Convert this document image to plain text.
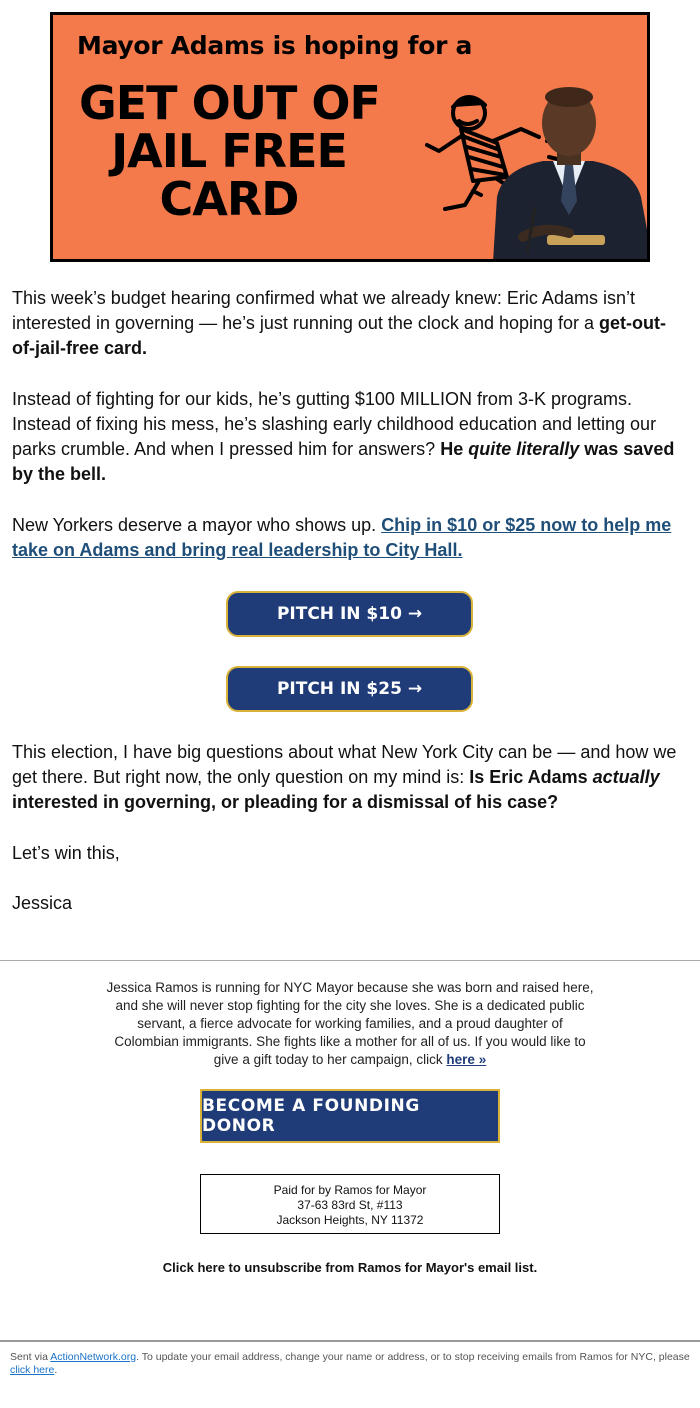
Mayor Adams is hoping for a
GET OUT OF
JAIL FREE
CARD

This week’s budget hearing confirmed what we already knew: Eric Adams isn’t interested in governing — he’s just running out the clock and hoping for a get-out-of-jail-free card.

Instead of fighting for our kids, he’s gutting $100 MILLION from 3-K programs. Instead of fixing his mess, he’s slashing early childhood education and letting our parks crumble. And when I pressed him for answers? He quite literally was saved by the bell.

New Yorkers deserve a mayor who shows up. Chip in $10 or $25 now to help me take on Adams and bring real leadership to City Hall.

PITCH IN $10 →
PITCH IN $25 →

This election, I have big questions about what New York City can be — and how we get there. But right now, the only question on my mind is: Is Eric Adams actually interested in governing, or pleading for a dismissal of his case?

Let’s win this,

Jessica

Jessica Ramos is running for NYC Mayor because she was born and raised here, and she will never stop fighting for the city she loves. She is a dedicated public servant, a fierce advocate for working families, and a proud daughter of Colombian immigrants. She fights like a mother for all of us. If you would like to give a gift today to her campaign, click here »

BECOME A FOUNDING DONOR
Paid for by Ramos for Mayor
37-63 83rd St, #113
Jackson Heights, NY 11372
Click here to unsubscribe from Ramos for Mayor's email list.

Sent via ActionNetwork.org. To update your email address, change your name or address, or to stop receiving emails from Ramos for NYC, please click here.
